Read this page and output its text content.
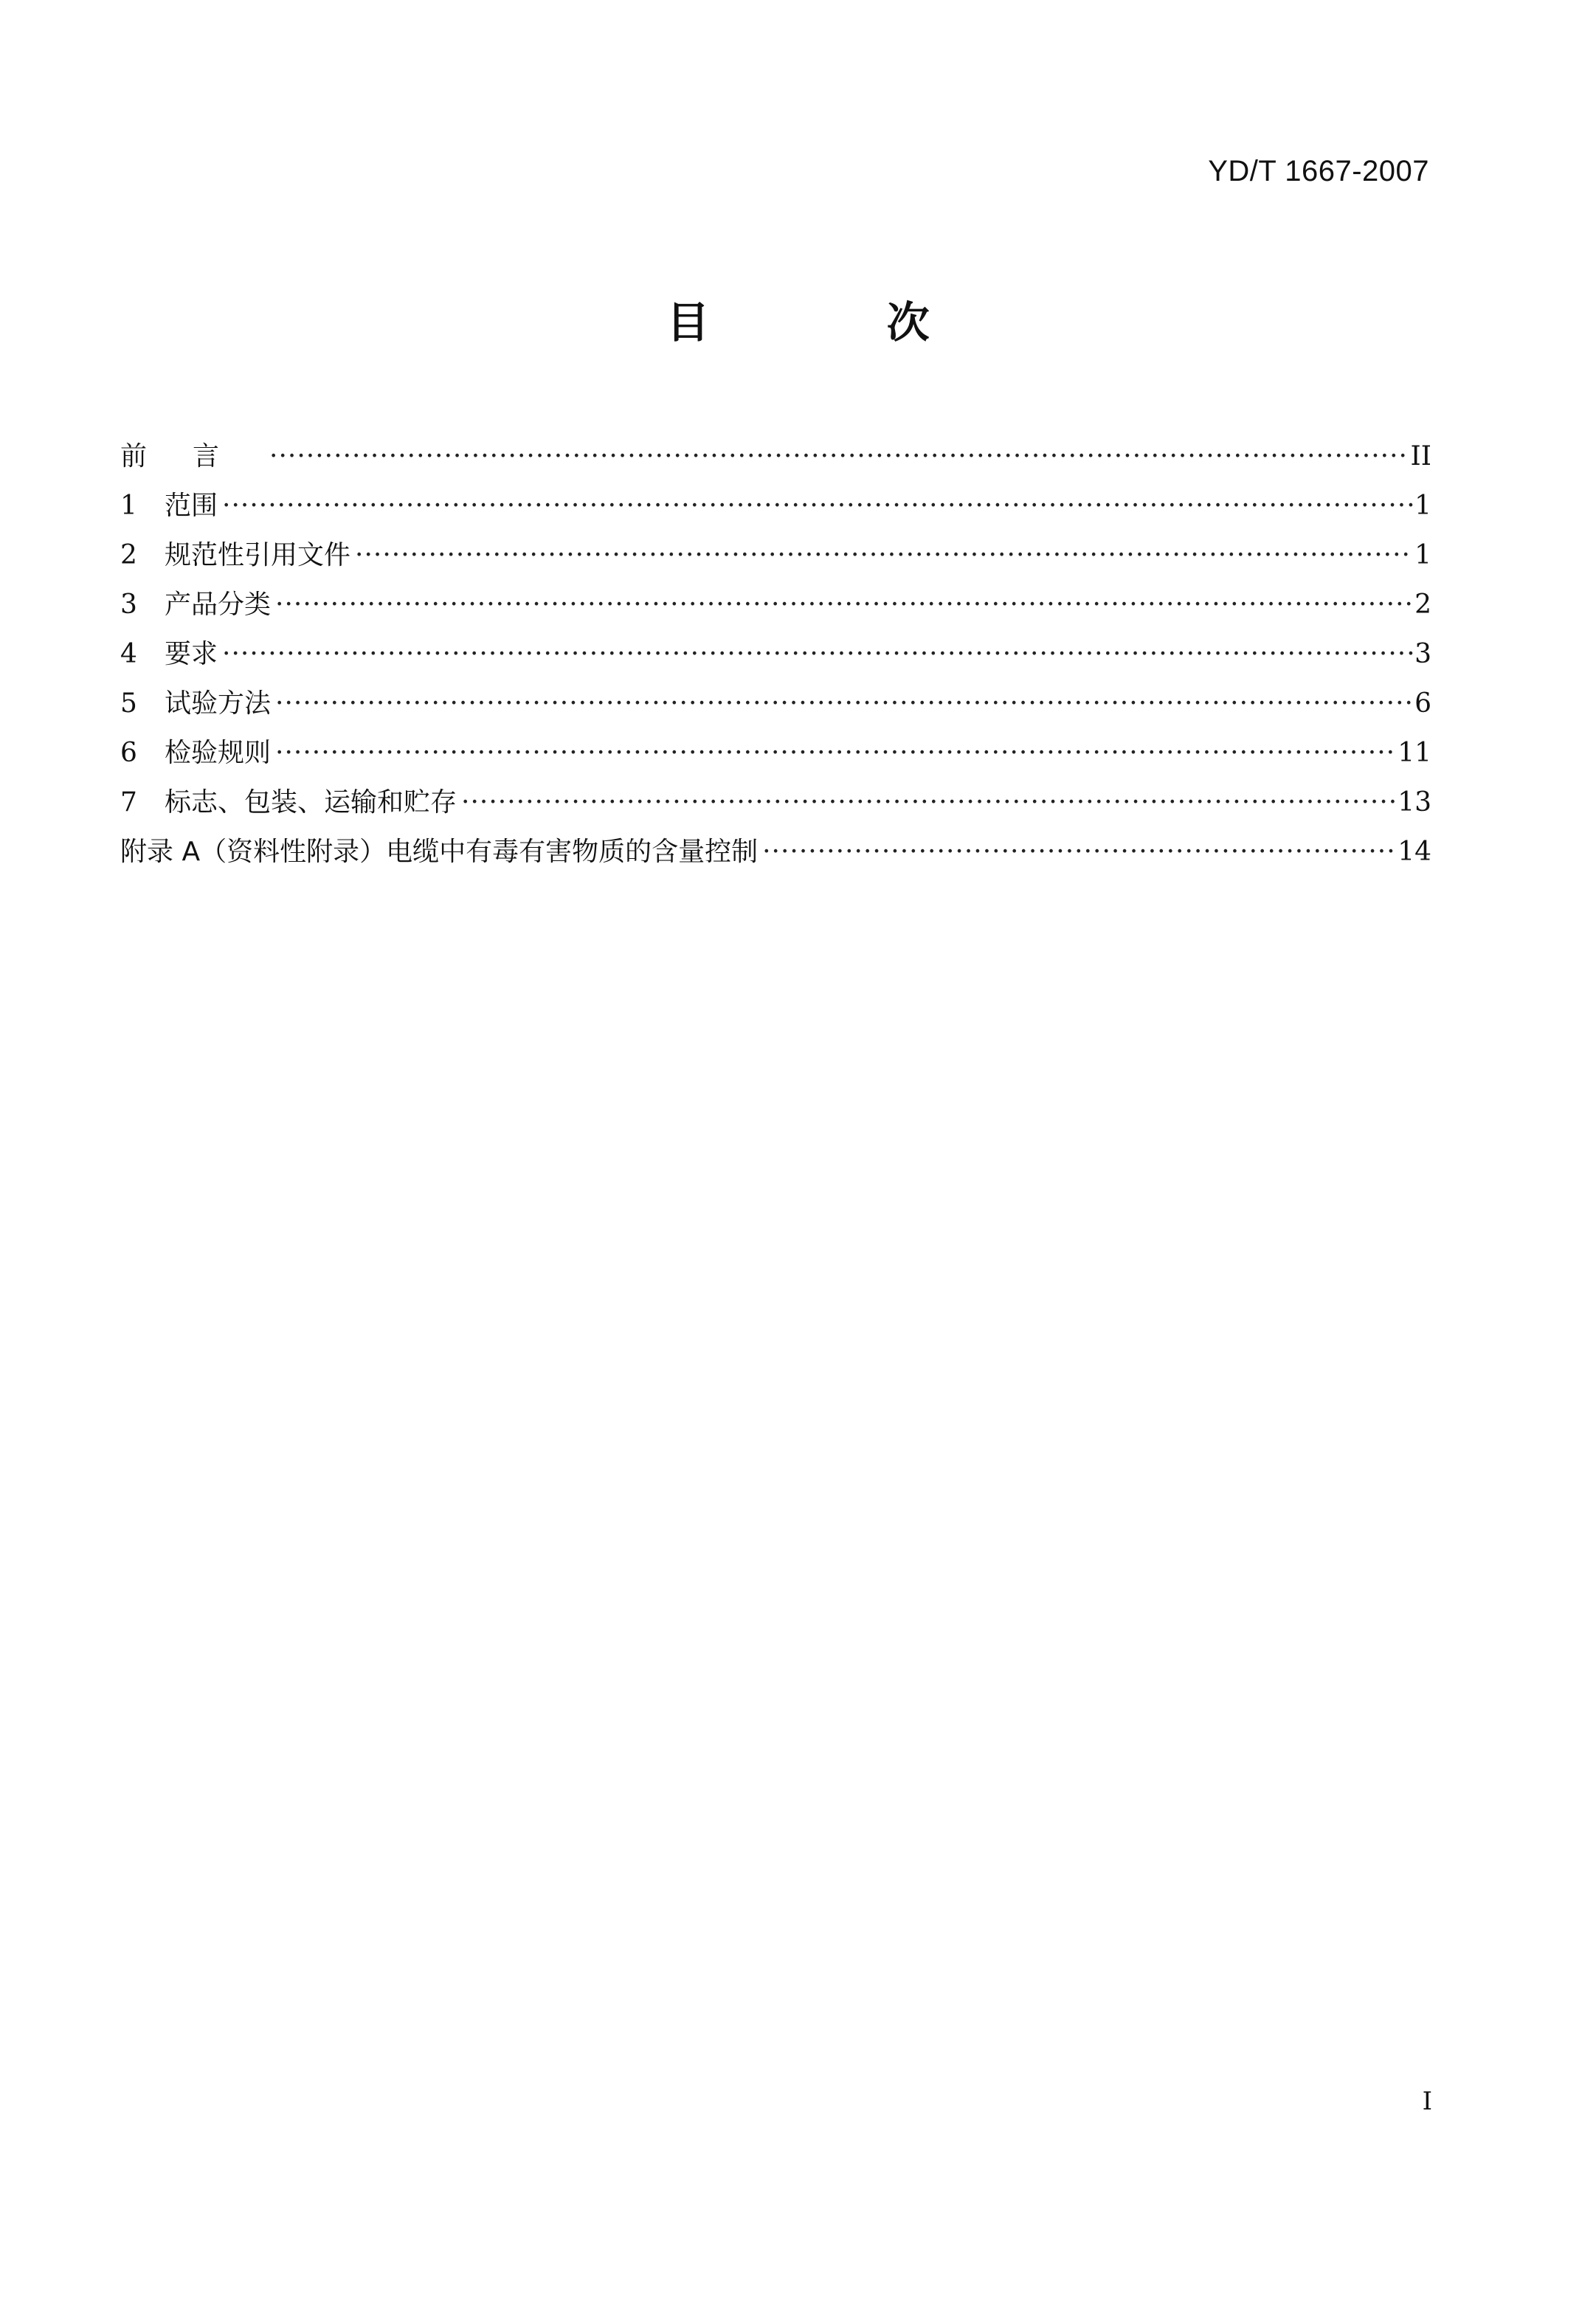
YD/T 1667-2007
目 次
前言 ·····	II
1	范围 ·····	1
2	规范性引用文件 ·····	1
3	产品分类 ·····	2
4	要求 ·····	3
5	试验方法 ·····	6
6	检验规则 ·····	11
7	标志、包装、运输和贮存 ·····	13
附录 A（资料性附录）电缆中有毒有害物质的含量控制 ·····	14
I
